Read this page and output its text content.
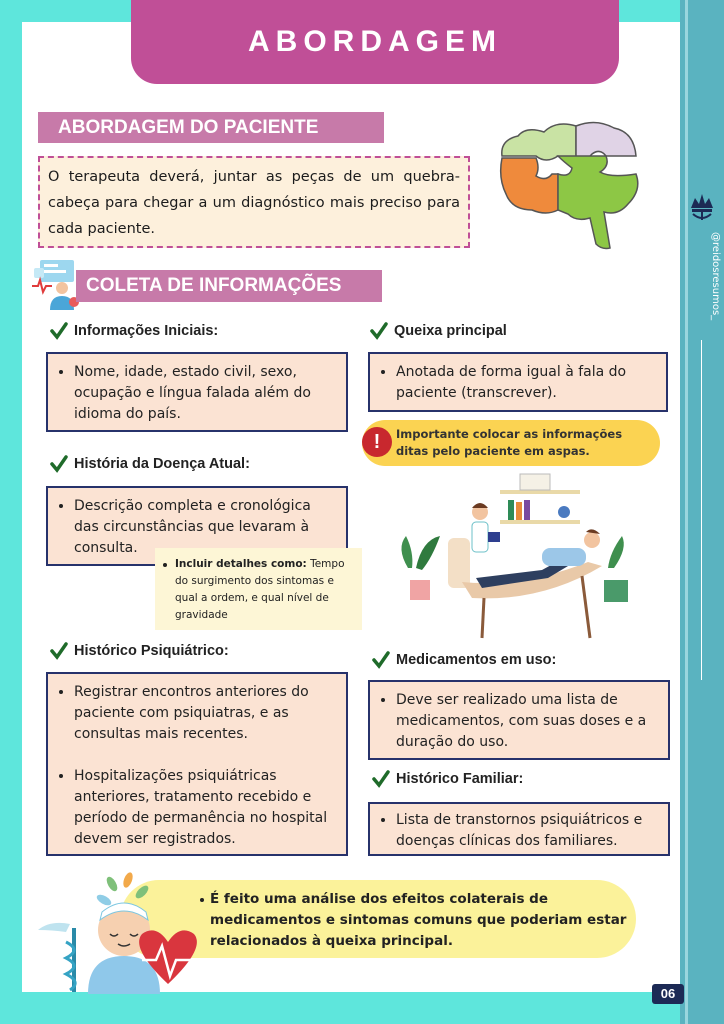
@reidosresumos_
ABORDAGEM
ABORDAGEM DO PACIENTE
O terapeuta deverá, juntar as peças de um quebra-cabeça para chegar a um diagnóstico mais preciso para cada paciente.
COLETA DE INFORMAÇÕES
Informações Iniciais:
• Nome, idade, estado civil, sexo, ocupação e língua falada além do idioma do país.
História da Doença Atual:
• Descrição completa e cronológica das circunstâncias que levaram à consulta.
Incluir detalhes como: Tempo do surgimento dos sintomas e qual a ordem, e qual nível de gravidade
Histórico Psiquiátrico:
• Registrar encontros anteriores do paciente com psiquiatras, e as consultas mais recentes.
• Hospitalizações psiquiátricas anteriores, tratamento recebido e período de permanência no hospital devem ser registrados.
Queixa principal
• Anotada de forma igual à fala do paciente (transcrever).
!	Importante colocar as informações ditas pelo paciente em aspas.
Medicamentos em uso:
• Deve ser realizado uma lista de medicamentos, com suas doses e a duração do uso.
Histórico Familiar:
• Lista de transtornos psiquiátricos e doenças clínicas dos familiares.
É feito uma análise dos efeitos colaterais de medicamentos e sintomas comuns que poderiam estar relacionados à queixa principal.
06
